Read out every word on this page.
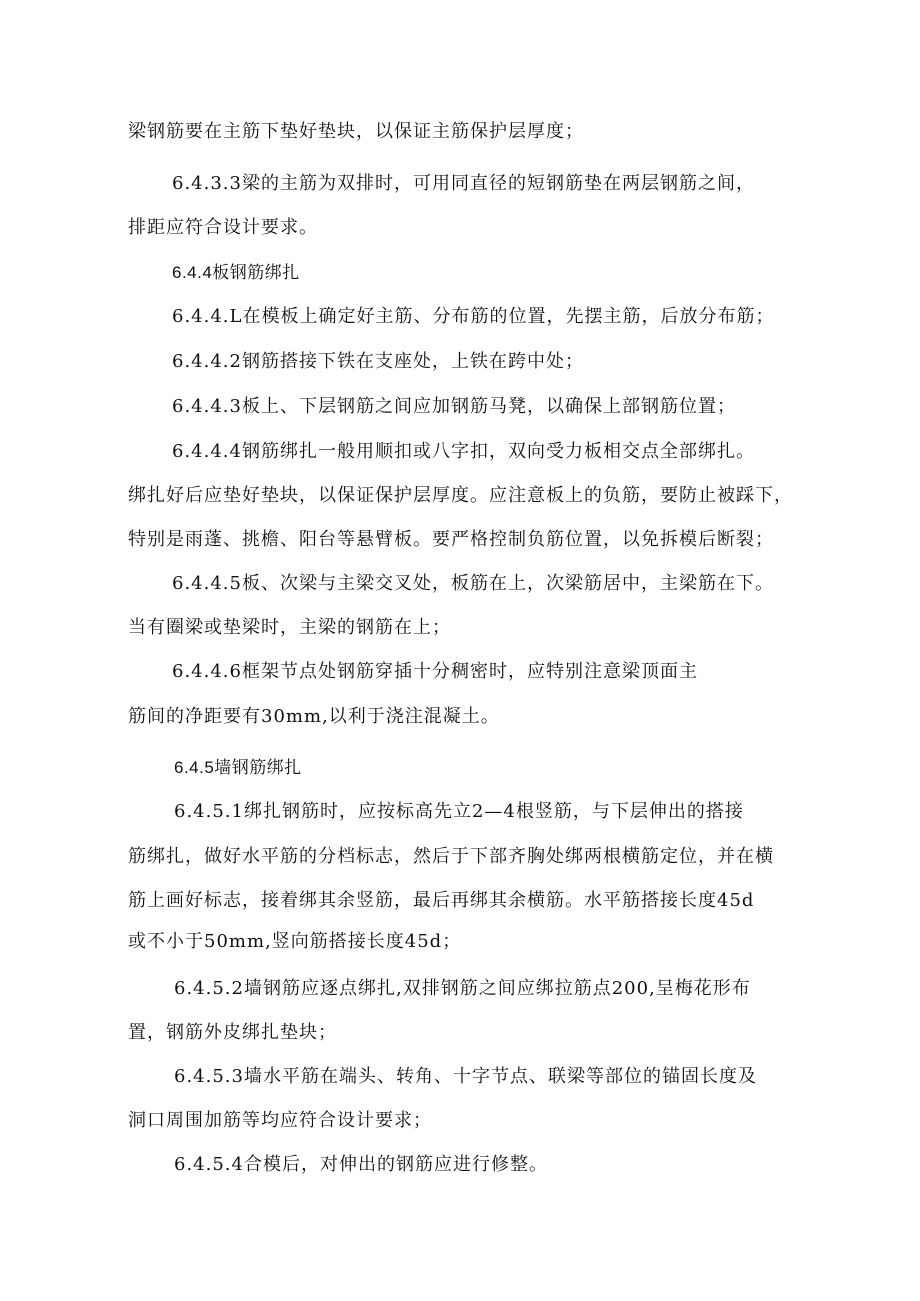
梁钢筋要在主筋下垫好垫块，以保证主筋保护层厚度；
6.4.3.3梁的主筋为双排时，可用同直径的短钢筋垫在两层钢筋之间，
排距应符合设计要求。
6.4.4板钢筋绑扎
6.4.4.L在模板上确定好主筋、分布筋的位置，先摆主筋，后放分布筋；
6.4.4.2钢筋搭接下铁在支座处，上铁在跨中处；
6.4.4.3板上、下层钢筋之间应加钢筋马凳，以确保上部钢筋位置；
6.4.4.4钢筋绑扎一般用顺扣或八字扣，双向受力板相交点全部绑扎。
绑扎好后应垫好垫块，以保证保护层厚度。应注意板上的负筋，要防止被踩下，
特别是雨蓬、挑檐、阳台等悬臂板。要严格控制负筋位置，以免拆模后断裂；
6.4.4.5板、次梁与主梁交叉处，板筋在上，次梁筋居中，主梁筋在下。
当有圈梁或垫梁时，主梁的钢筋在上；
6.4.4.6框架节点处钢筋穿插十分稠密时，应特别注意梁顶面主
筋间的净距要有30mm,以利于浇注混凝土。
6.4.5墙钢筋绑扎
6.4.5.1绑扎钢筋时，应按标高先立2—4根竖筋，与下层伸出的搭接
筋绑扎，做好水平筋的分档标志，然后于下部齐胸处绑两根横筋定位，并在横
筋上画好标志，接着绑其余竖筋，最后再绑其余横筋。水平筋搭接长度45d
或不小于50mm,竖向筋搭接长度45d；
6.4.5.2墙钢筋应逐点绑扎,双排钢筋之间应绑拉筋点200,呈梅花形布
置，钢筋外皮绑扎垫块；
6.4.5.3墙水平筋在端头、转角、十字节点、联梁等部位的锚固长度及
洞口周围加筋等均应符合设计要求；
6.4.5.4合模后，对伸出的钢筋应进行修整。
